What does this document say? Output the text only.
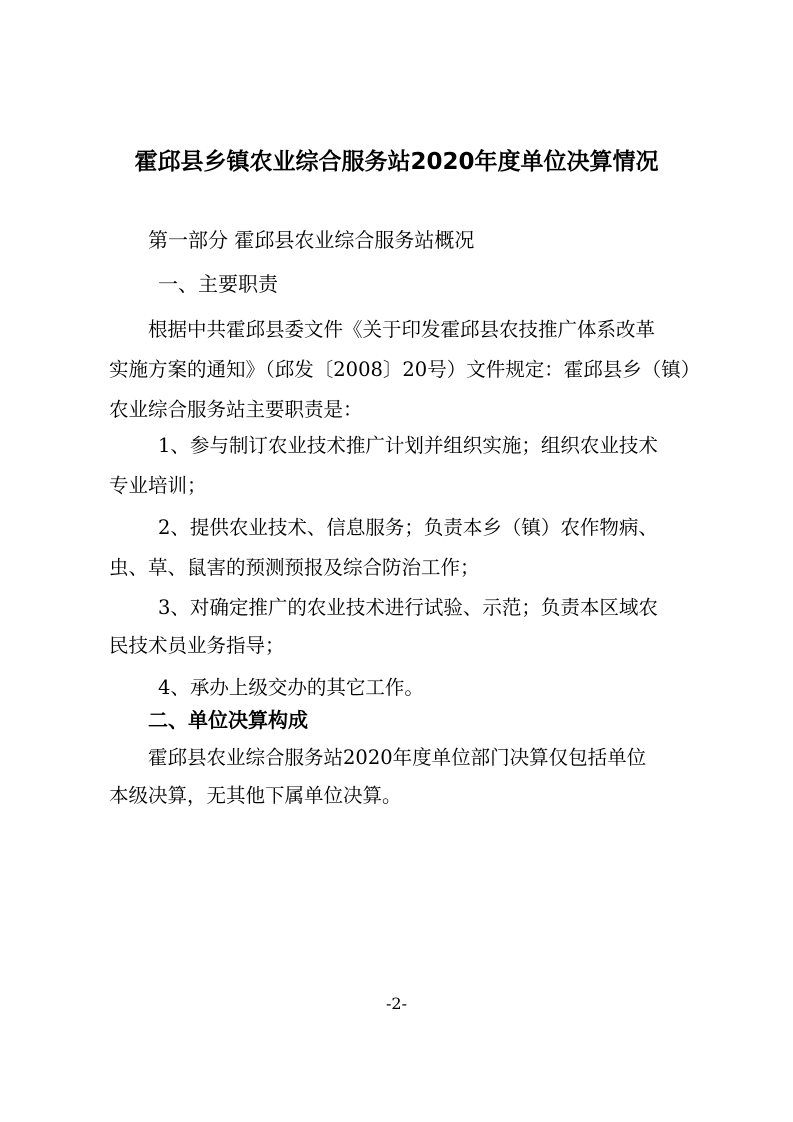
霍邱县乡镇农业综合服务站2020年度单位决算情况
第一部分 霍邱县农业综合服务站概况
一、主要职责
根据中共霍邱县委文件《关于印发霍邱县农技推广体系改革
实施方案的通知》（邱发〔2008〕20号）文件规定：霍邱县乡（镇）
农业综合服务站主要职责是：
1、参与制订农业技术推广计划并组织实施；组织农业技术
专业培训；
2、提供农业技术、信息服务；负责本乡（镇）农作物病、
虫、草、鼠害的预测预报及综合防治工作；
3、对确定推广的农业技术进行试验、示范；负责本区域农
民技术员业务指导；
4、承办上级交办的其它工作。
二、单位决算构成
霍邱县农业综合服务站2020年度单位部门决算仅包括单位
本级决算，无其他下属单位决算。
-2-
